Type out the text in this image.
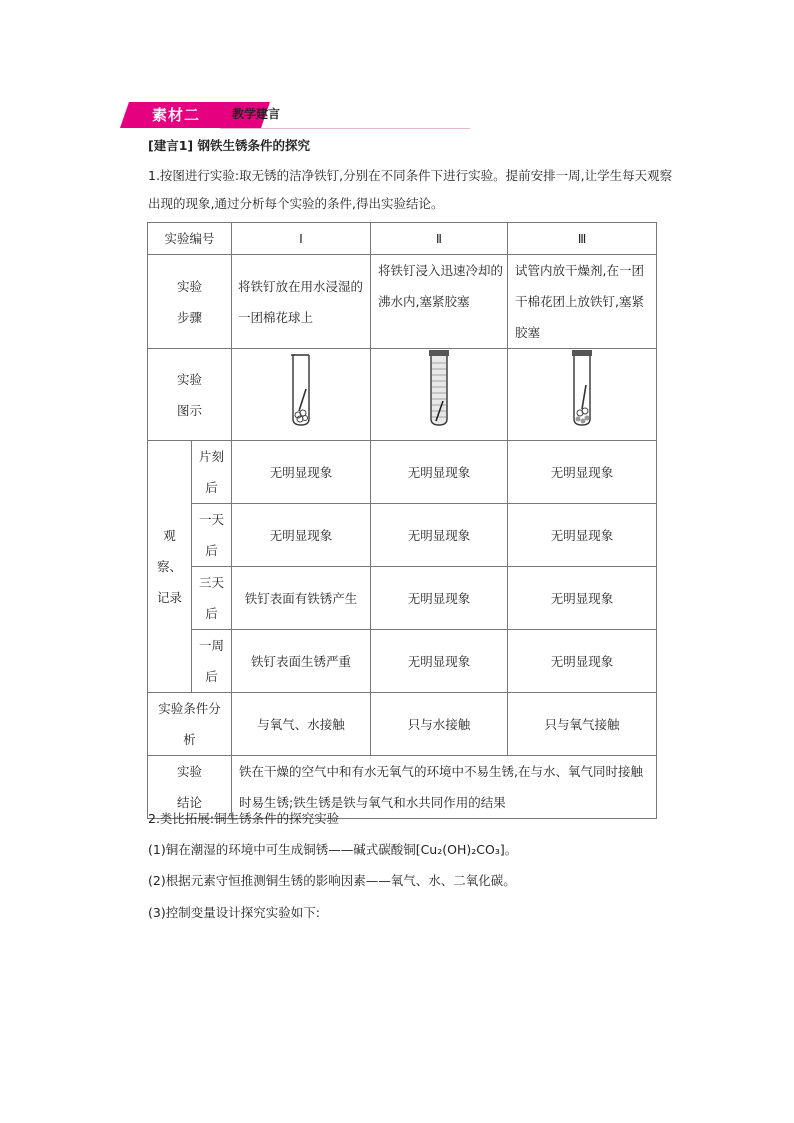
素材二	教学建言
[建言1] 钢铁生锈条件的探究
1.按图进行实验:取无锈的洁净铁钉,分别在不同条件下进行实验。提前安排一周,让学生每天观察出现的现象,通过分析每个实验的条件,得出实验结论。
实验编号		Ⅰ	Ⅱ	Ⅲ
实验步骤		将铁钉放在用水浸湿的一团棉花球上	将铁钉浸入迅速冷却的沸水内,塞紧胶塞	试管内放干燥剂,在一团干棉花团上放铁钉,塞紧胶塞
实验图示			
观察、记录	片刻后	无明显现象	无明显现象	无明显现象
	一天后	无明显现象	无明显现象	无明显现象
	三天后	铁钉表面有铁锈产生	无明显现象	无明显现象
	一周后	铁钉表面生锈严重	无明显现象	无明显现象
实验条件分析		与氧气、水接触	只与水接触	只与氧气接触
实验结论		铁在干燥的空气中和有水无氧气的环境中不易生锈,在与水、氧气同时接触时易生锈;铁生锈是铁与氧气和水共同作用的结果		
2.类比拓展:铜生锈条件的探究实验
(1)铜在潮湿的环境中可生成铜锈——碱式碳酸铜[Cu₂(OH)₂CO₃]。
(2)根据元素守恒推测铜生锈的影响因素——氧气、水、二氧化碳。
(3)控制变量设计探究实验如下:
